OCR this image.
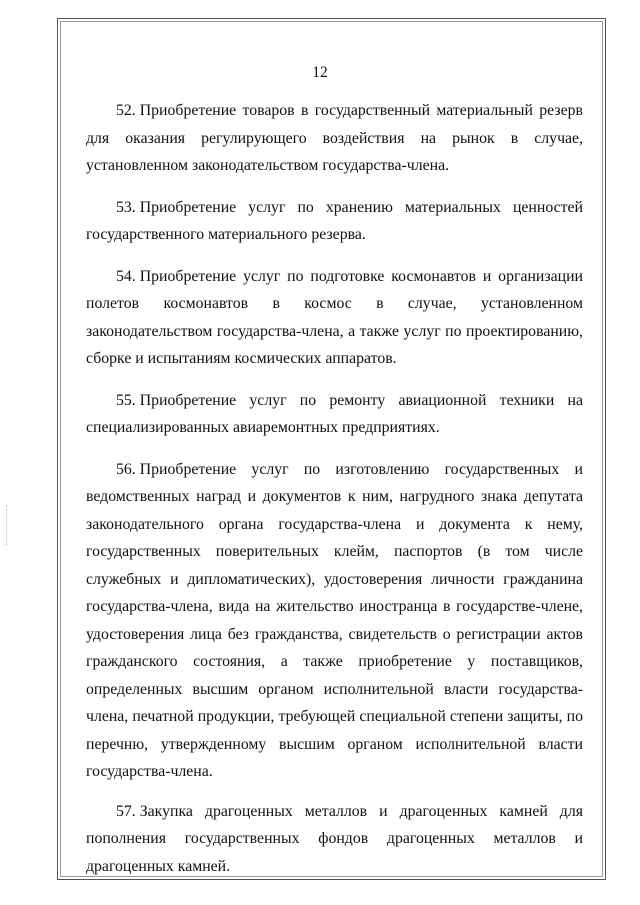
12

52. Приобретение товаров в государственный материальный резерв для оказания регулирующего воздействия на рынок в случае, установленном законодательством государства-члена.

53. Приобретение услуг по хранению материальных ценностей государственного материального резерва.

54. Приобретение услуг по подготовке космонавтов и организации полетов космонавтов в космос в случае, установленном законодательством государства-члена, а также услуг по проектированию, сборке и испытаниям космических аппаратов.

55. Приобретение услуг по ремонту авиационной техники на специализированных авиаремонтных предприятиях.

56. Приобретение услуг по изготовлению государственных и ведомственных наград и документов к ним, нагрудного знака депутата законодательного органа государства-члена и документа к нему, государственных поверительных клейм, паспортов (в том числе служебных и дипломатических), удостоверения личности гражданина государства-члена, вида на жительство иностранца в государстве-члене, удостоверения лица без гражданства, свидетельств о регистрации актов гражданского состояния, а также приобретение у поставщиков, определенных высшим органом исполнительной власти государства-члена, печатной продукции, требующей специальной степени защиты, по перечню, утвержденному высшим органом исполнительной власти государства-члена.

57. Закупка драгоценных металлов и драгоценных камней для пополнения государственных фондов драгоценных металлов и драгоценных камней.
